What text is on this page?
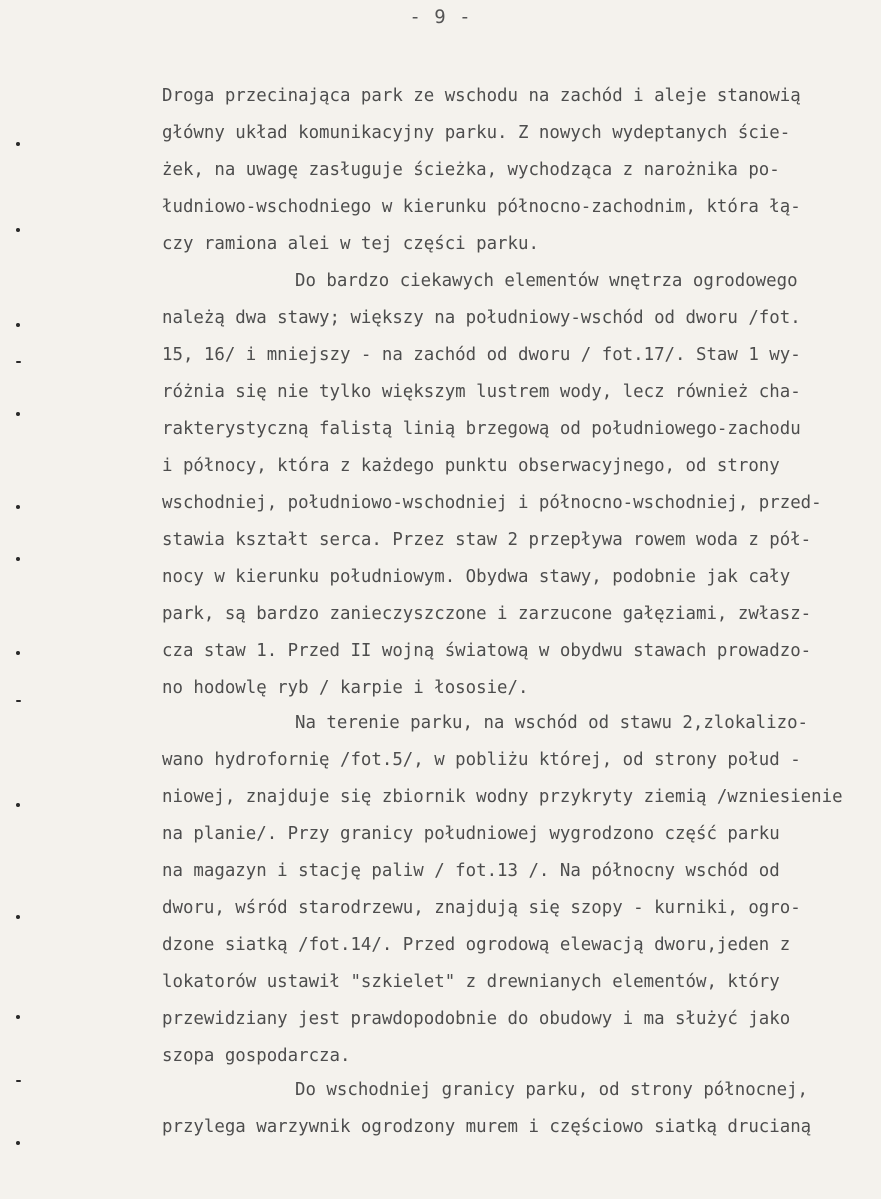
- 9 -
Droga przecinająca park ze wschodu na zachód i aleje stanowią
główny układ komunikacyjny parku. Z nowych wydeptanych ście-
żek, na uwagę zasługuje ścieżka, wychodząca z narożnika po-
łudniowo-wschodniego w kierunku północno-zachodnim, która łą-
czy ramiona alei w tej części parku.
Do bardzo ciekawych elementów wnętrza ogrodowego
należą dwa stawy; większy na południowy-wschód od dworu /fot.
15, 16/ i mniejszy - na zachód od dworu / fot.17/. Staw 1 wy-
różnia się nie tylko większym lustrem wody, lecz również cha-
rakterystyczną falistą linią brzegową od południowego-zachodu
i północy, która z każdego punktu obserwacyjnego, od strony
wschodniej, południowo-wschodniej i północno-wschodniej, przed-
stawia kształt serca. Przez staw 2 przepływa rowem woda z pół-
nocy w kierunku południowym. Obydwa stawy, podobnie jak cały
park, są bardzo zanieczyszczone i zarzucone gałęziami, zwłasz-
cza staw 1. Przed II wojną światową w obydwu stawach prowadzo-
no hodowlę ryb / karpie i łososie/.
Na terenie parku, na wschód od stawu 2,zlokalizo-
wano hydrofornię /fot.5/, w pobliżu której, od strony połud -
niowej, znajduje się zbiornik wodny przykryty ziemią /wzniesienie
na planie/. Przy granicy południowej wygrodzono część parku
na magazyn i stację paliw / fot.13 /. Na północny wschód od
dworu, wśród starodrzewu, znajdują się szopy - kurniki, ogro-
dzone siatką /fot.14/. Przed ogrodową elewacją dworu,jeden z
lokatorów ustawił "szkielet" z drewnianych elementów, który
przewidziany jest prawdopodobnie do obudowy i ma służyć jako
szopa gospodarcza.
Do wschodniej granicy parku, od strony północnej,
przylega warzywnik ogrodzony murem i częściowo siatką drucianą
